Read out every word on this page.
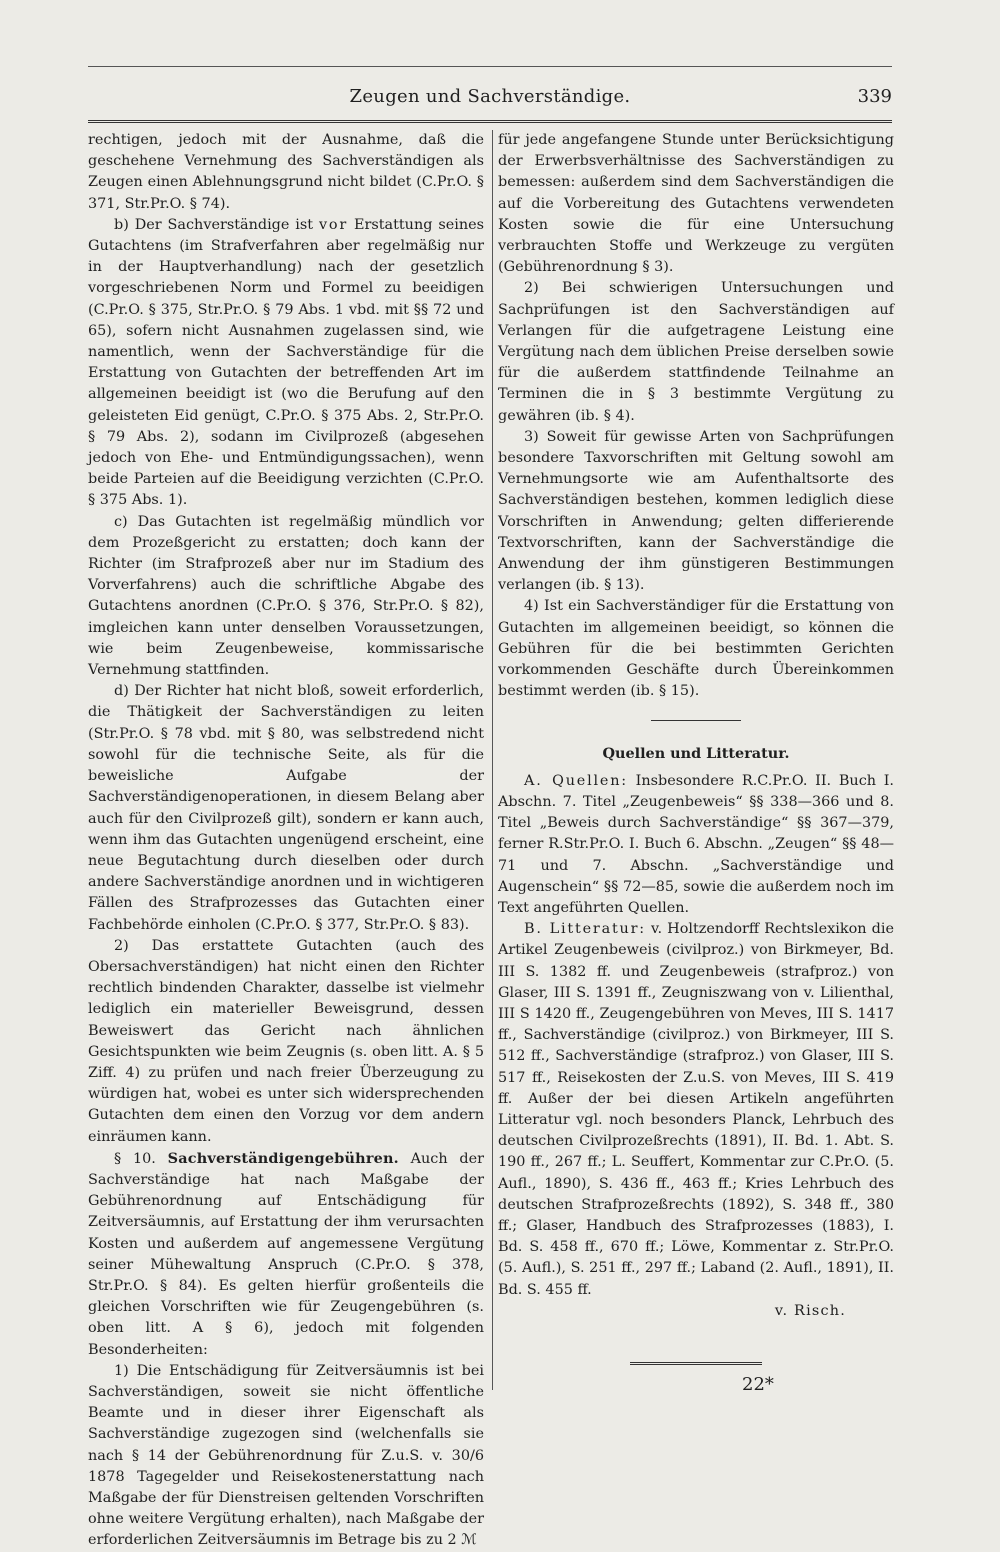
Zeugen und Sachverständige.	339

rechtigen, jedoch mit der Ausnahme, daß die geschehene Vernehmung des Sachverständigen als Zeugen einen Ablehnungsgrund nicht bildet (C.Pr.O. § 371, Str.Pr.O. § 74).

b) Der Sachverständige ist vor Erstattung seines Gutachtens (im Strafverfahren aber regelmäßig nur in der Hauptverhandlung) nach der gesetzlich vorgeschriebenen Norm und Formel zu beeidigen (C.Pr.O. § 375, Str.Pr.O. § 79 Abs. 1 vbd. mit §§ 72 und 65), sofern nicht Ausnahmen zugelassen sind, wie namentlich, wenn der Sachverständige für die Erstattung von Gutachten der betreffenden Art im allgemeinen beeidigt ist (wo die Berufung auf den geleisteten Eid genügt, C.Pr.O. § 375 Abs. 2, Str.Pr.O. § 79 Abs. 2), sodann im Civilprozeß (abgesehen jedoch von Ehe- und Entmündigungssachen), wenn beide Parteien auf die Beeidigung verzichten (C.Pr.O. § 375 Abs. 1).

c) Das Gutachten ist regelmäßig mündlich vor dem Prozeßgericht zu erstatten; doch kann der Richter (im Strafprozeß aber nur im Stadium des Vorverfahrens) auch die schriftliche Abgabe des Gutachtens anordnen (C.Pr.O. § 376, Str.Pr.O. § 82), imgleichen kann unter denselben Voraussetzungen, wie beim Zeugenbeweise, kommissarische Vernehmung stattfinden.

d) Der Richter hat nicht bloß, soweit erforderlich, die Thätigkeit der Sachverständigen zu leiten (Str.Pr.O. § 78 vbd. mit § 80, was selbstredend nicht sowohl für die technische Seite, als für die beweisliche Aufgabe der Sachverständigenoperationen, in diesem Belang aber auch für den Civilprozeß gilt), sondern er kann auch, wenn ihm das Gutachten ungenügend erscheint, eine neue Begutachtung durch dieselben oder durch andere Sachverständige anordnen und in wichtigeren Fällen des Strafprozesses das Gutachten einer Fachbehörde einholen (C.Pr.O. § 377, Str.Pr.O. § 83).

2) Das erstattete Gutachten (auch des Obersachverständigen) hat nicht einen den Richter rechtlich bindenden Charakter, dasselbe ist vielmehr lediglich ein materieller Beweisgrund, dessen Beweiswert das Gericht nach ähnlichen Gesichtspunkten wie beim Zeugnis (s. oben litt. A. § 5 Ziff. 4) zu prüfen und nach freier Überzeugung zu würdigen hat, wobei es unter sich widersprechenden Gutachten dem einen den Vorzug vor dem andern einräumen kann.

§ 10. Sachverständigengebühren. Auch der Sachverständige hat nach Maßgabe der Gebührenordnung auf Entschädigung für Zeitversäumnis, auf Erstattung der ihm verursachten Kosten und außerdem auf angemessene Vergütung seiner Mühewaltung Anspruch (C.Pr.O. § 378, Str.Pr.O. § 84). Es gelten hierfür großenteils die gleichen Vorschriften wie für Zeugengebühren (s. oben litt. A § 6), jedoch mit folgenden Besonderheiten:

1) Die Entschädigung für Zeitversäumnis ist bei Sachverständigen, soweit sie nicht öffentliche Beamte und in dieser ihrer Eigenschaft als Sachverständige zugezogen sind (welchenfalls sie nach § 14 der Gebührenordnung für Z.u.S. v. 30/6 1878 Tagegelder und Reisekostenerstattung nach Maßgabe der für Dienstreisen geltenden Vorschriften ohne weitere Vergütung erhalten), nach Maßgabe der erforderlichen Zeitversäumnis im Betrage bis zu 2 ℳ

für jede angefangene Stunde unter Berücksichtigung der Erwerbsverhältnisse des Sachverständigen zu bemessen: außerdem sind dem Sachverständigen die auf die Vorbereitung des Gutachtens verwendeten Kosten sowie die für eine Untersuchung verbrauchten Stoffe und Werkzeuge zu vergüten (Gebührenordnung § 3).

2) Bei schwierigen Untersuchungen und Sachprüfungen ist den Sachverständigen auf Verlangen für die aufgetragene Leistung eine Vergütung nach dem üblichen Preise derselben sowie für die außerdem stattfindende Teilnahme an Terminen die in § 3 bestimmte Vergütung zu gewähren (ib. § 4).

3) Soweit für gewisse Arten von Sachprüfungen besondere Taxvorschriften mit Geltung sowohl am Vernehmungsorte wie am Aufenthaltsorte des Sachverständigen bestehen, kommen lediglich diese Vorschriften in Anwendung; gelten differierende Textvorschriften, kann der Sachverständige die Anwendung der ihm günstigeren Bestimmungen verlangen (ib. § 13).

4) Ist ein Sachverständiger für die Erstattung von Gutachten im allgemeinen beeidigt, so können die Gebühren für die bei bestimmten Gerichten vorkommenden Geschäfte durch Übereinkommen bestimmt werden (ib. § 15).

Quellen und Litteratur.

A. Quellen: Insbesondere R.C.Pr.O. II. Buch I. Abschn. 7. Titel „Zeugenbeweis“ §§ 338—366 und 8. Titel „Beweis durch Sachverständige“ §§ 367—379, ferner R.Str.Pr.O. I. Buch 6. Abschn. „Zeugen“ §§ 48—71 und 7. Abschn. „Sachverständige und Augenschein“ §§ 72—85, sowie die außerdem noch im Text angeführten Quellen.

B. Litteratur: v. Holtzendorff Rechtslexikon die Artikel Zeugenbeweis (civilproz.) von Birkmeyer, Bd. III S. 1382 ff. und Zeugenbeweis (strafproz.) von Glaser, III S. 1391 ff., Zeugniszwang von v. Lilienthal, III S 1420 ff., Zeugengebühren von Meves, III S. 1417 ff., Sachverständige (civilproz.) von Birkmeyer, III S. 512 ff., Sachverständige (strafproz.) von Glaser, III S. 517 ff., Reisekosten der Z.u.S. von Meves, III S. 419 ff. Außer der bei diesen Artikeln angeführten Litteratur vgl. noch besonders Planck, Lehrbuch des deutschen Civilprozeßrechts (1891), II. Bd. 1. Abt. S. 190 ff., 267 ff.; L. Seuffert, Kommentar zur C.Pr.O. (5. Aufl., 1890), S. 436 ff., 463 ff.; Kries Lehrbuch des deutschen Strafprozeßrechts (1892), S. 348 ff., 380 ff.; Glaser, Handbuch des Strafprozesses (1883), I. Bd. S. 458 ff., 670 ff.; Löwe, Kommentar z. Str.Pr.O. (5. Aufl.), S. 251 ff., 297 ff.; Laband (2. Aufl., 1891), II. Bd. S. 455 ff.

v. Risch.

22*
